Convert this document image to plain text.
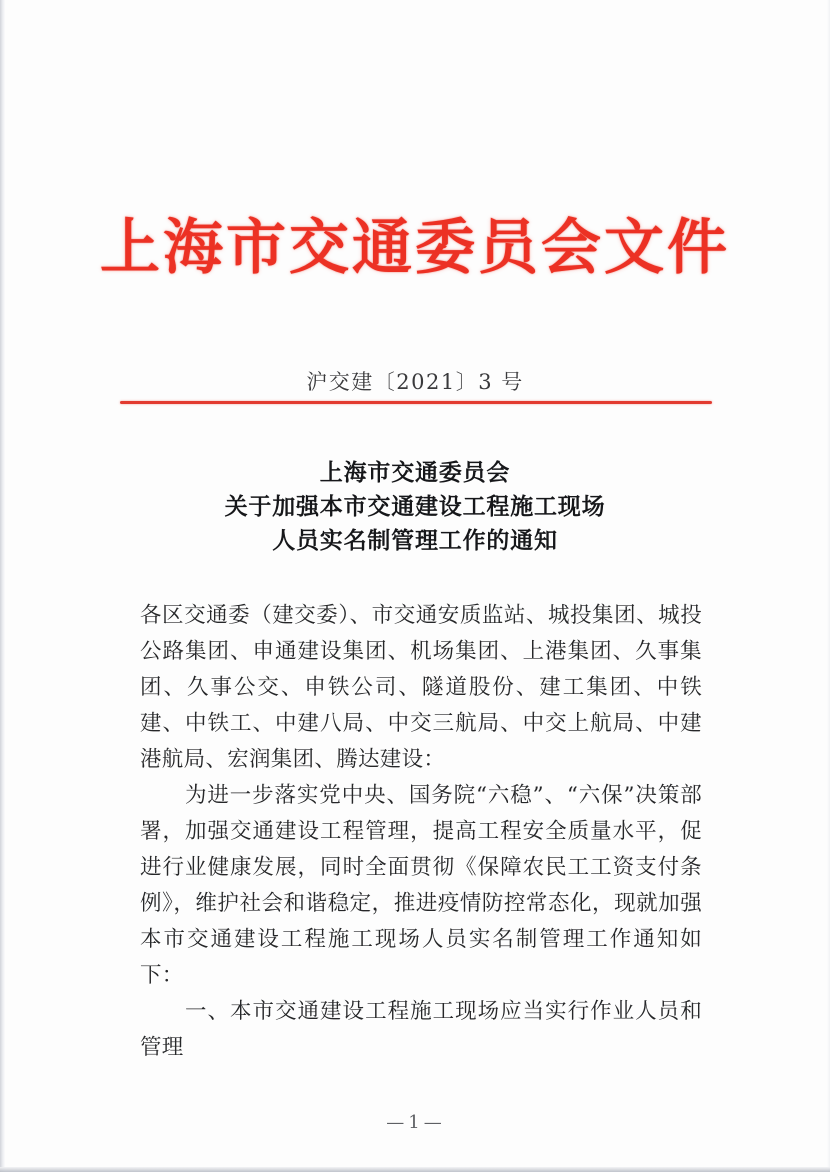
上海市交通委员会文件
沪交建〔2021〕3 号
上海市交通委员会
关于加强本市交通建设工程施工现场
人员实名制管理工作的通知

各区交通委（建交委）、市交通安质监站、城投集团、城投公路集团、申通建设集团、机场集团、上港集团、久事集团、久事公交、申铁公司、隧道股份、建工集团、中铁建、中铁工、中建八局、中交三航局、中交上航局、中建港航局、宏润集团、腾达建设：

为进一步落实党中央、国务院“六稳”、“六保”决策部署，加强交通建设工程管理，提高工程安全质量水平，促进行业健康发展，同时全面贯彻《保障农民工工资支付条例》，维护社会和谐稳定，推进疫情防控常态化，现就加强本市交通建设工程施工现场人员实名制管理工作通知如下：

一、本市交通建设工程施工现场应当实行作业人员和管理

— 1 —
